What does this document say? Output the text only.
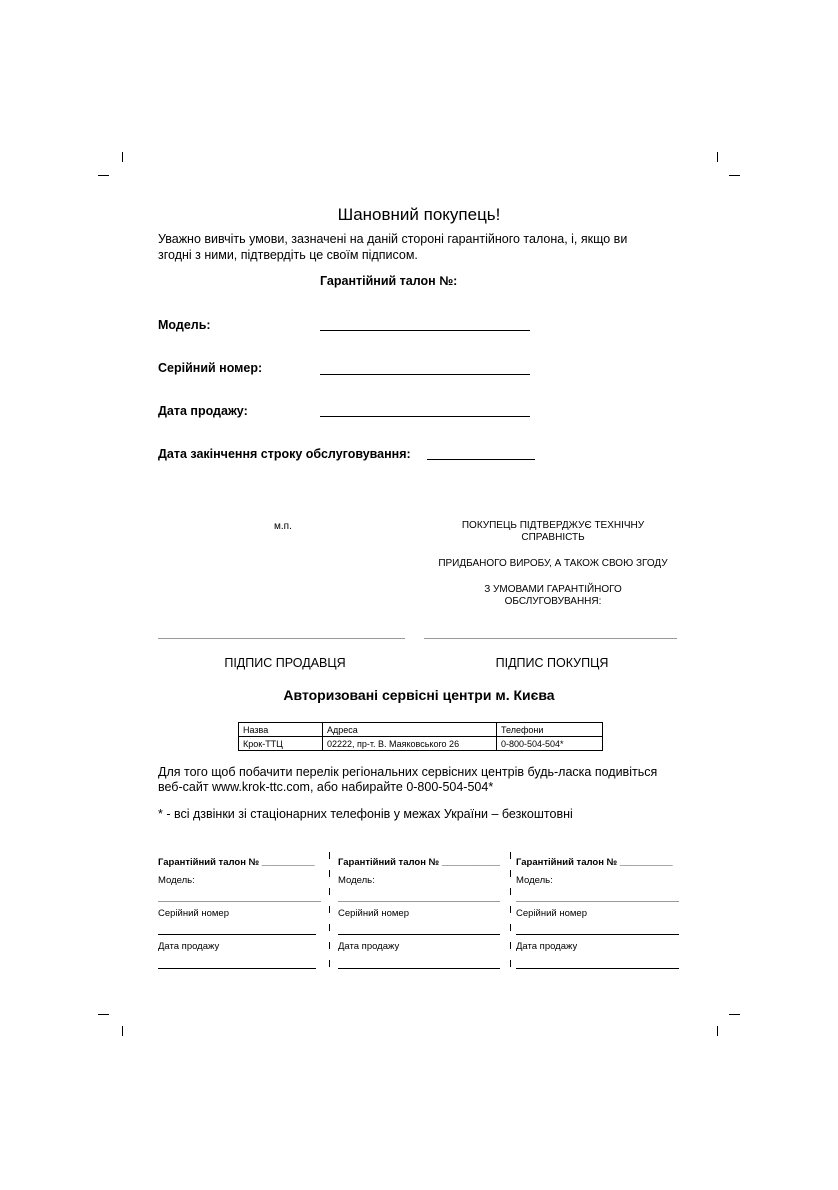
Шановний покупець!
Уважно вивчіть умови, зазначені на даній стороні гарантійного талона, і, якщо ви
згодні з ними, підтвердіть це своїм підписом.
Гарантійний талон №:
Модель:
Серійний номер:
Дата продажу:
Дата закінчення строку обслуговування:
м.п.	ПОКУПЕЦЬ ПІДТВЕРДЖУЄ ТЕХНІЧНУ
СПРАВНІСТЬ
ПРИДБАНОГО ВИРОБУ, А ТАКОЖ СВОЮ ЗГОДУ
З УМОВАМИ ГАРАНТІЙНОГО
ОБСЛУГОВУВАННЯ:
ПІДПИС ПРОДАВЦЯ	ПІДПИС ПОКУПЦЯ
Авторизовані сервісні центри м. Києва
Назва	Адреса	Телефони
Крок-ТТЦ	02222, пр-т. В. Маяковського 26	0-800-504-504*
Для того щоб побачити перелік регіональних сервісних центрів будь-ласка подивіться
веб-сайт www.krok-ttc.com, або набирайте 0-800-504-504*
* - всі дзвінки зі стаціонарних телефонів у межах України – безкоштовні
Гарантійний талон № __________
Модель:
Серійний номер
Дата продажу
Гарантійний талон № ___________
Модель:
Серійний номер
Дата продажу
Гарантійний талон № __________
Модель:
Серійний номер
Дата продажу
